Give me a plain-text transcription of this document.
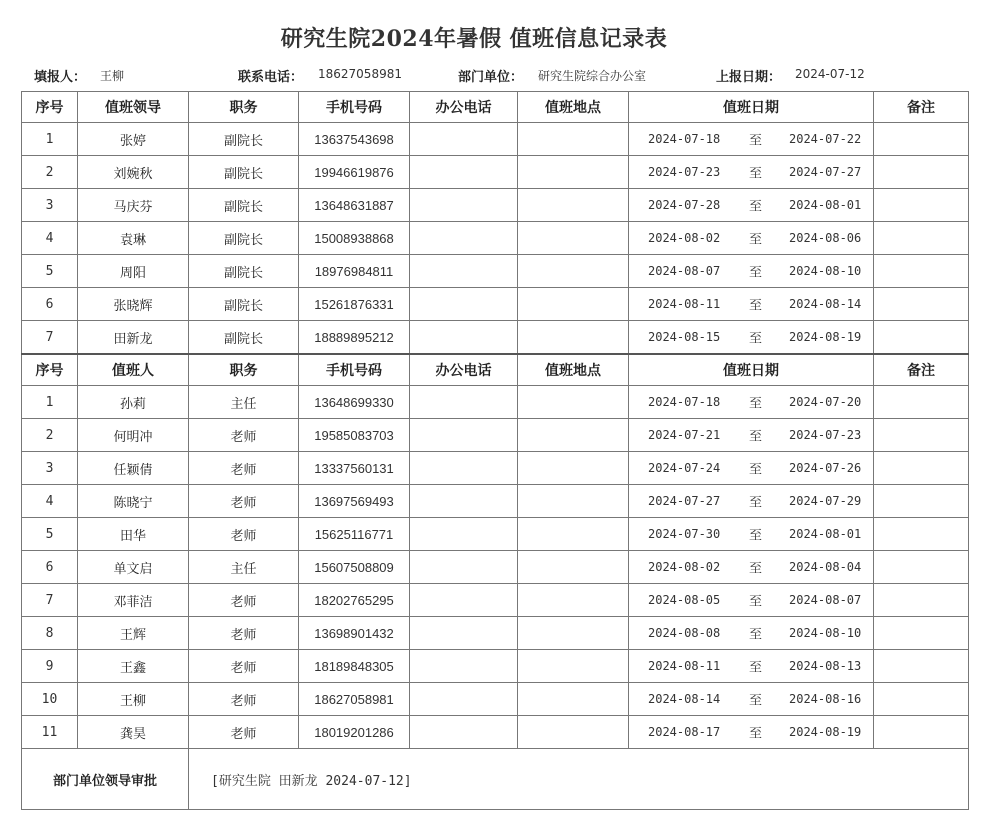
研究生院2024年暑假 值班信息记录表
填报人： 王柳	联系电话： 18627058981	部门单位： 研究生院综合办公室	上报日期： 2024-07-12
序号	值班领导	职务	手机号码	办公电话	值班地点	值班日期	备注
1	张婷	副院长	13637543698			2024-07-18 至 2024-07-22	

2	刘婉秋	副院长	19946619876			2024-07-23 至 2024-07-27	

3	马庆芬	副院长	13648631887			2024-07-28 至 2024-08-01	

4	袁琳	副院长	15008938868			2024-08-02 至 2024-08-06	

5	周阳	副院长	18976984811			2024-08-07 至 2024-08-10	

6	张晓辉	副院长	15261876331			2024-08-11 至 2024-08-14	

7	田新龙	副院长	18889895212			2024-08-15 至 2024-08-19	

序号	值班人	职务	手机号码	办公电话	值班地点	值班日期	备注
1	孙莉	主任	13648699330			2024-07-18 至 2024-07-20	

2	何明冲	老师	19585083703			2024-07-21 至 2024-07-23	

3	任颖倩	老师	13337560131			2024-07-24 至 2024-07-26	

4	陈晓宁	老师	13697569493			2024-07-27 至 2024-07-29	

5	田华	老师	15625116771			2024-07-30 至 2024-08-01	

6	单文启	主任	15607508809			2024-08-02 至 2024-08-04	

7	邓菲洁	老师	18202765295			2024-08-05 至 2024-08-07	

8	王辉	老师	13698901432			2024-08-08 至 2024-08-10	

9	王鑫	老师	18189848305			2024-08-11 至 2024-08-13	

10	王柳	老师	18627058981			2024-08-14 至 2024-08-16	

11	龚昊	老师	18019201286			2024-08-17 至 2024-08-19	

部门单位领导审批		[研究生院 田新龙 2024-07-12]					
